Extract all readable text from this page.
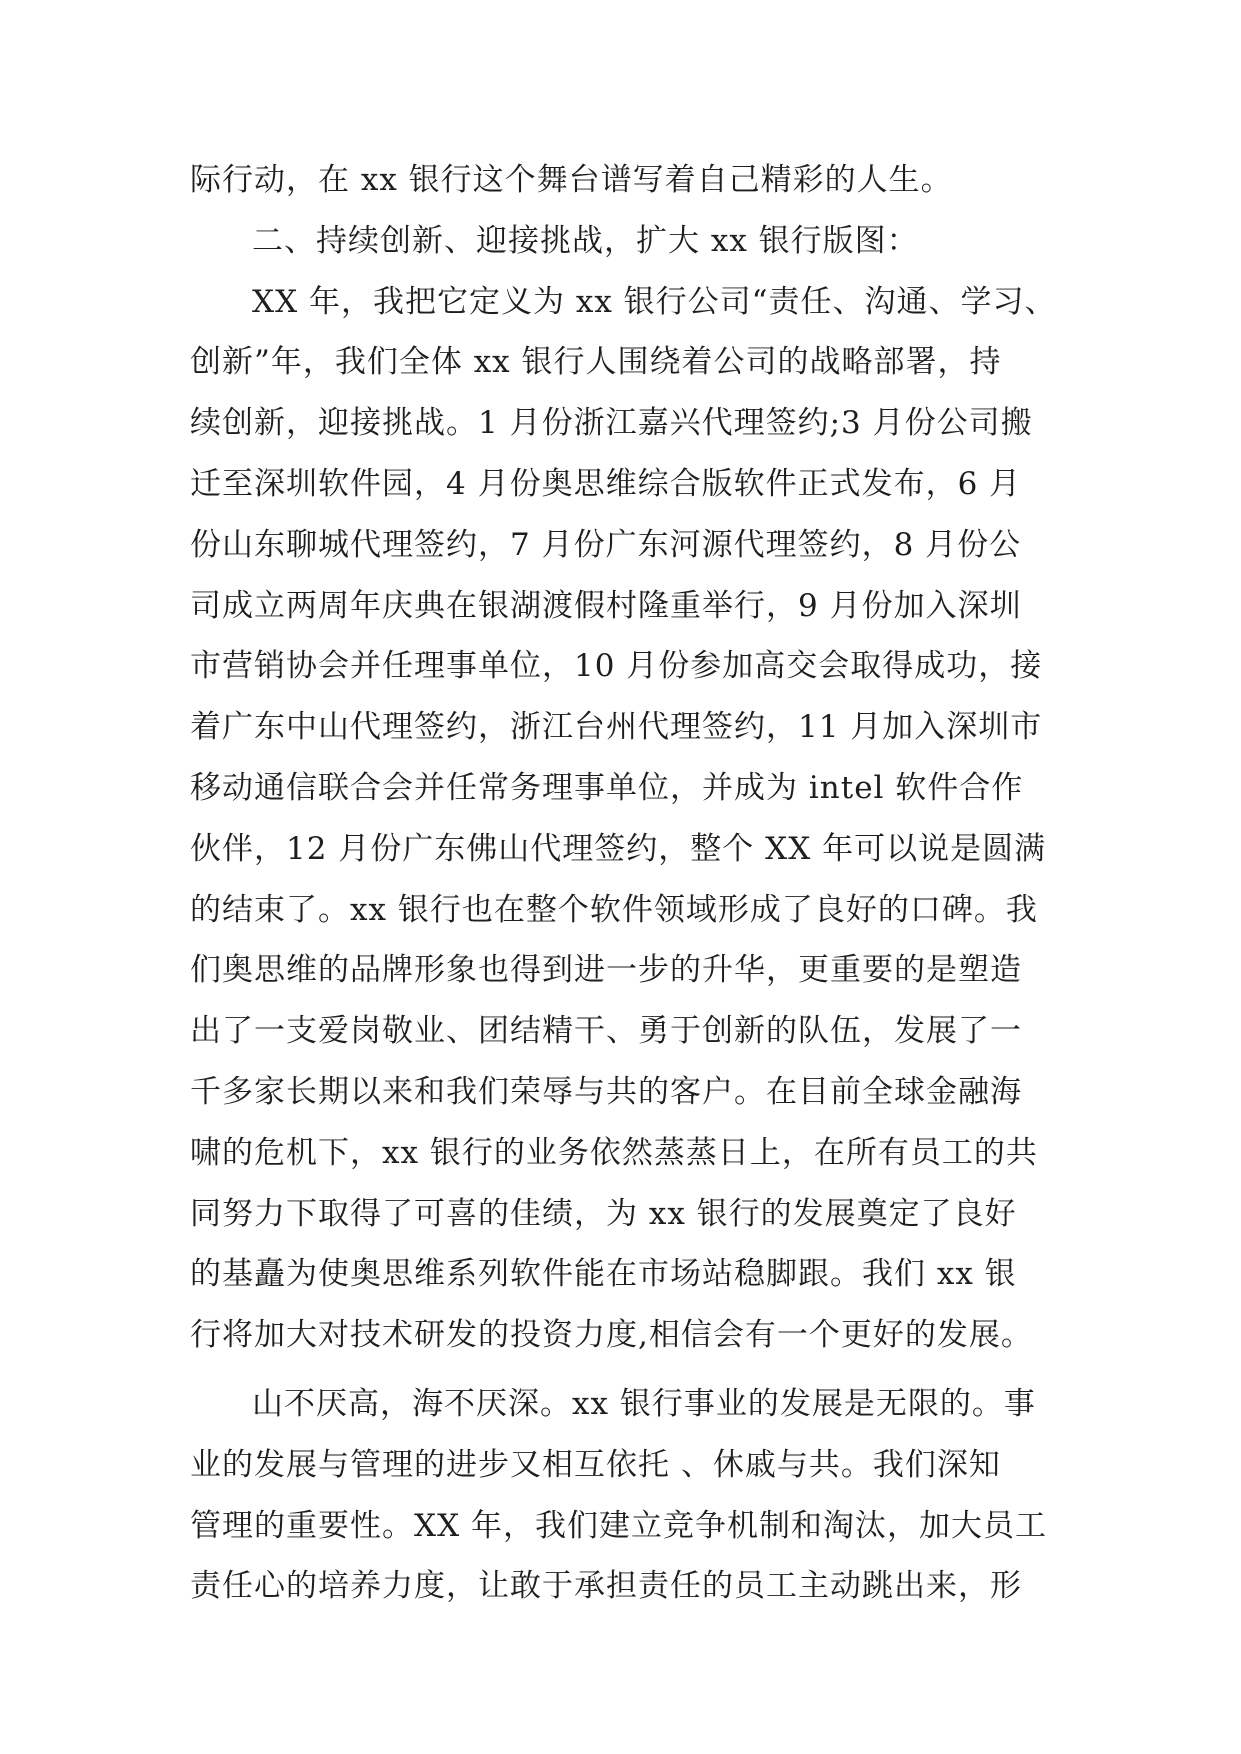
际行动，在 xx 银行这个舞台谱写着自己精彩的人生。
二、持续创新、迎接挑战，扩大 xx 银行版图：
XX 年，我把它定义为 xx 银行公司“责任、沟通、学习、
创新”年，我们全体 xx 银行人围绕着公司的战略部署，持
续创新，迎接挑战。1 月份浙江嘉兴代理签约;3 月份公司搬
迁至深圳软件园，4 月份奥思维综合版软件正式发布，6 月
份山东聊城代理签约，7 月份广东河源代理签约，8 月份公
司成立两周年庆典在银湖渡假村隆重举行，9 月份加入深圳
市营销协会并任理事单位，10 月份参加高交会取得成功，接
着广东中山代理签约，浙江台州代理签约，11 月加入深圳市
移动通信联合会并任常务理事单位，并成为 intel 软件合作
伙伴，12 月份广东佛山代理签约，整个 XX 年可以说是圆满
的结束了。xx 银行也在整个软件领域形成了良好的口碑。我
们奥思维的品牌形象也得到进一步的升华，更重要的是塑造
出了一支爱岗敬业、团结精干、勇于创新的队伍，发展了一
千多家长期以来和我们荣辱与共的客户。在目前全球金融海
啸的危机下，xx 银行的业务依然蒸蒸日上，在所有员工的共
同努力下取得了可喜的佳绩，为 xx 银行的发展奠定了良好
的基矗为使奥思维系列软件能在市场站稳脚跟。我们 xx 银
行将加大对技术研发的投资力度,相信会有一个更好的发展。
山不厌高，海不厌深。xx 银行事业的发展是无限的。事
业的发展与管理的进步又相互依托 、休戚与共。我们深知
管理的重要性。XX 年，我们建立竞争机制和淘汰，加大员工
责任心的培养力度，让敢于承担责任的员工主动跳出来，形
